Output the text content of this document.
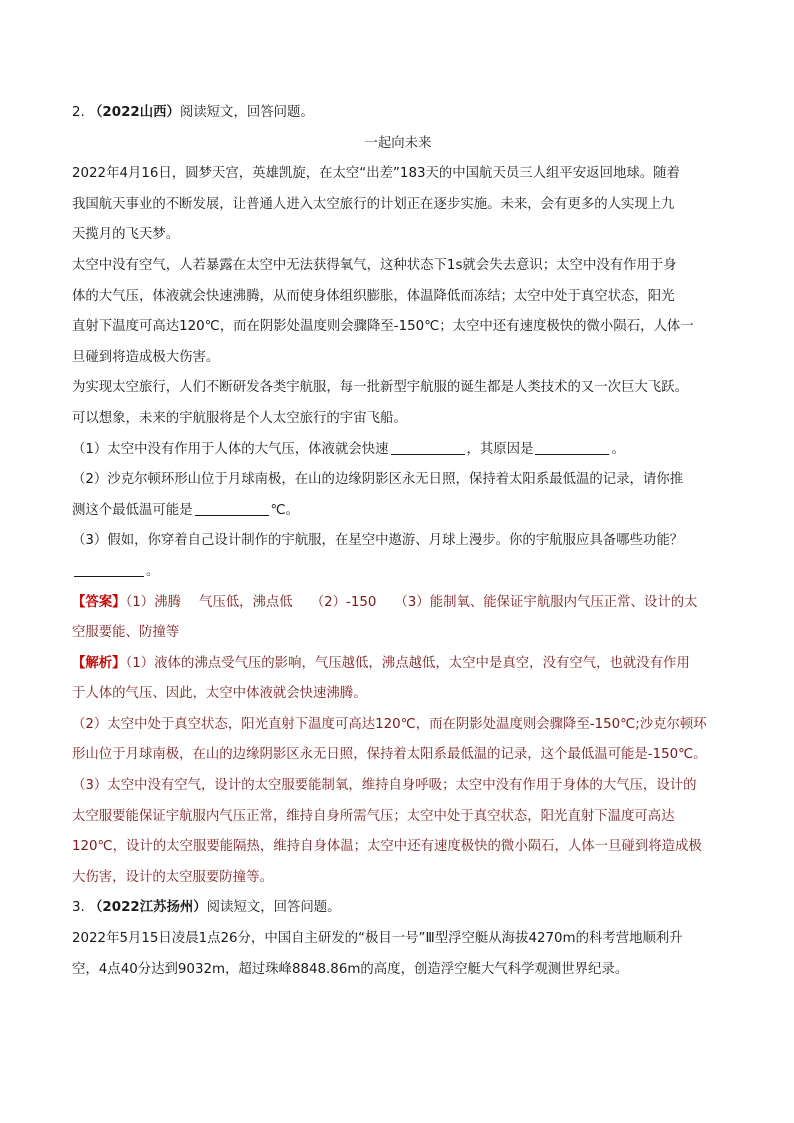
2. （2022山西）阅读短文，回答问题。
一起向未来
2022年4月16日，圆梦天宫，英雄凯旋，在太空“出差”183天的中国航天员三人组平安返回地球。随着
我国航天事业的不断发展，让普通人进入太空旅行的计划正在逐步实施。未来，会有更多的人实现上九
天揽月的飞天梦。
太空中没有空气，人若暴露在太空中无法获得氧气，这种状态下1s就会失去意识；太空中没有作用于身
体的大气压，体液就会快速沸腾，从而使身体组织膨胀，体温降低而冻结；太空中处于真空状态，阳光
直射下温度可高达120℃，而在阴影处温度则会骤降至-150℃；太空中还有速度极快的微小陨石，人体一
旦碰到将造成极大伤害。
为实现太空旅行，人们不断研发各类宇航服，每一批新型宇航服的诞生都是人类技术的又一次巨大飞跃。
可以想象，未来的宇航服将是个人太空旅行的宇宙飞船。
（1）太空中没有作用于人体的大气压，体液就会快速	，其原因是	。
（2）沙克尔顿环形山位于月球南极，在山的边缘阴影区永无日照，保持着太阳系最低温的记录，请你推
测这个最低温可能是	℃。
（3）假如，你穿着自己设计制作的宇航服，在星空中遨游、月球上漫步。你的宇航服应具备哪些功能？
。
【答案】（1）沸腾 气压低，沸点低 （2）-150 （3）能制氧、能保证宇航服内气压正常、设计的太
空服要能、防撞等
【解析】（1）液体的沸点受气压的影响，气压越低，沸点越低，太空中是真空，没有空气，也就没有作用
于人体的气压、因此，太空中体液就会快速沸腾。
（2）太空中处于真空状态，阳光直射下温度可高达120℃，而在阴影处温度则会骤降至-150℃;沙克尔顿环
形山位于月球南极，在山的边缘阴影区永无日照，保持着太阳系最低温的记录，这个最低温可能是-150℃。
（3）太空中没有空气，设计的太空服要能制氧，维持自身呼吸；太空中没有作用于身体的大气压，设计的
太空服要能保证宇航服内气压正常，维持自身所需气压；太空中处于真空状态，阳光直射下温度可高达
120℃，设计的太空服要能隔热，维持自身体温；太空中还有速度极快的微小陨石，人体一旦碰到将造成极
大伤害，设计的太空服要防撞等。
3. （2022江苏扬州）阅读短文，回答问题。
2022年5月15日凌晨1点26分，中国自主研发的“极目一号”Ⅲ型浮空艇从海拔4270m的科考营地顺利升
空，4点40分达到9032m，超过珠峰8848.86m的高度，创造浮空艇大气科学观测世界纪录。
